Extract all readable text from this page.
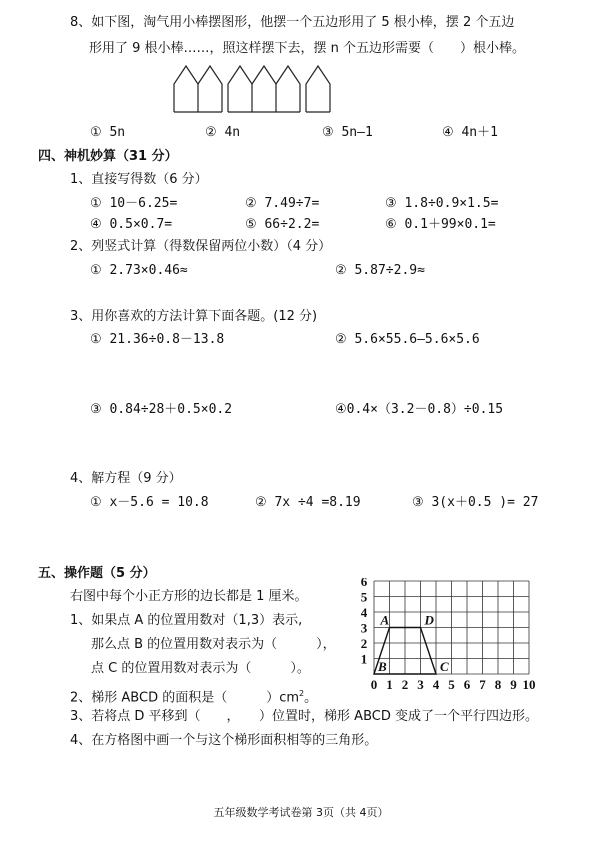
8、如下图，淘气用小棒摆图形，他摆一个五边形用了 5 根小棒，摆 2 个五边
形用了 9 根小棒……，照这样摆下去，摆 n 个五边形需要（　　）根小棒。
① 5n	② 4n	③ 5n—1	④ 4n＋1
四、神机妙算（31 分）
1、直接写得数（6 分）
① 10－6.25=	② 7.49÷7=	③ 1.8÷0.9×1.5=
④ 0.5×0.7=	⑤ 66÷2.2=	⑥ 0.1＋99×0.1=
2、列竖式计算（得数保留两位小数）（4 分）
① 2.73×0.46≈	② 5.87÷2.9≈
3、用你喜欢的方法计算下面各题。(12 分)
① 21.36÷0.8－13.8	② 5.6×55.6—5.6×5.6
③ 0.84÷28＋0.5×0.2	④0.4×（3.2－0.8）÷0.15
4、解方程（9 分）
① x－5.6 = 10.8	② 7x ÷4 =8.19	③ 3(x＋0.5 )= 27
五、操作题（5 分）
右图中每个小正方形的边长都是 1 厘米。
1、如果点 A 的位置用数对（1,3）表示,
那么点 B 的位置用数对表示为（　　　），
点 C 的位置用数对表示为（　　　）。
2、梯形 ABCD 的面积是（　　　）$cm^2$。
3、若将点 D 平移到（　　，　　）位置时，梯形 ABCD 变成了一个平行四边形。
4、在方格图中画一个与这个梯形面积相等的三角形。
0 1 2 3 4 5 6 7 8 9 10
1
2
3
4
5
6
A
B	C
D
五年级数学考试卷第 3页（共 4页）
